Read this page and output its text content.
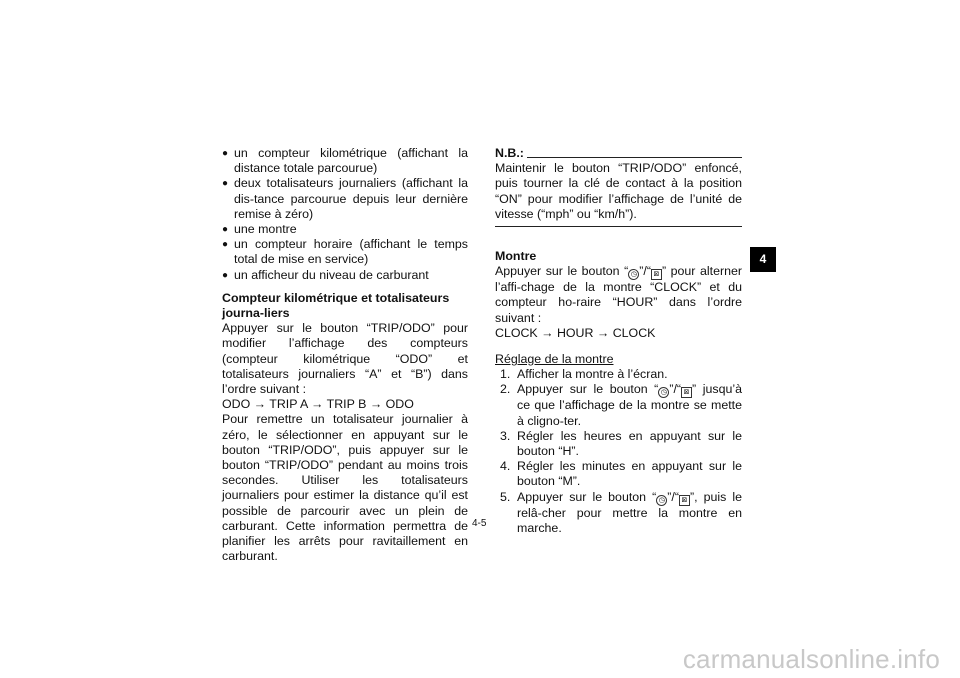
● un compteur kilométrique (affichant la distance totale parcourue)
● deux totalisateurs journaliers (affichant la dis-tance parcourue depuis leur dernière remise à zéro)
● une montre
● un compteur horaire (affichant le temps total de mise en service)
● un afficheur du niveau de carburant
Compteur kilométrique et totalisateurs journa-liers

Appuyer sur le bouton “TRIP/ODO” pour modifier l’affichage des compteurs (compteur kilométrique “ODO” et totalisateurs journaliers “A” et “B”) dans l’ordre suivant :

ODO → TRIP A → TRIP B → ODO

Pour remettre un totalisateur journalier à zéro, le sélectionner en appuyant sur le bouton “TRIP/ODO”, puis appuyer sur le bouton “TRIP/ODO” pendant au moins trois secondes. Utiliser les totalisateurs journaliers pour estimer la distance qu’il est possible de parcourir avec un plein de carburant. Cette information permettra de planifier les arrêts pour ravitaillement en carburant.

N.B.:

Maintenir le bouton “TRIP/ODO” enfoncé, puis tourner la clé de contact à la position “ON” pour modifier l’affichage de l’unité de vitesse (“mph” ou “km/h”).

Montre

Appuyer sur le bouton “ ◷ ”/“ ⊠ ” pour alterner l’affi-chage de la montre “CLOCK” et du compteur ho-raire “HOUR” dans l’ordre suivant :

CLOCK → HOUR → CLOCK

Réglage de la montre
1. Afficher la montre à l’écran.
2. Appuyer sur le bouton “ ◷ ”/“ ⊠ ” jusqu’à ce que l’affichage de la montre se mette à cligno-ter.
3. Régler les heures en appuyant sur le bouton “H”.
4. Régler les minutes en appuyant sur le bouton “M”.
5. Appuyer sur le bouton “ ◷ ”/“ ⊠ ”, puis le relâ-cher pour mettre la montre en marche.
4
4-5
carmanualsonline.info
